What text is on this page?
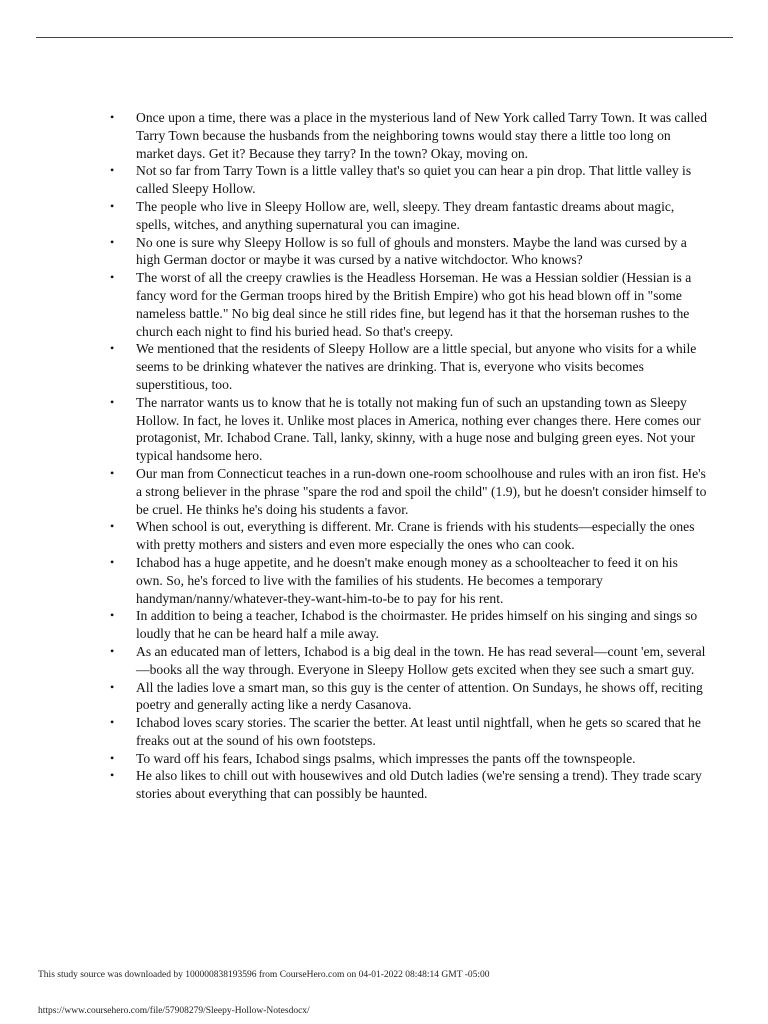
• Once upon a time, there was a place in the mysterious land of New York called Tarry Town. It was called Tarry Town because the husbands from the neighboring towns would stay there a little too long on market days. Get it? Because they tarry? In the town? Okay, moving on.
• Not so far from Tarry Town is a little valley that's so quiet you can hear a pin drop. That little valley is called Sleepy Hollow.
• The people who live in Sleepy Hollow are, well, sleepy. They dream fantastic dreams about magic, spells, witches, and anything supernatural you can imagine.
• No one is sure why Sleepy Hollow is so full of ghouls and monsters. Maybe the land was cursed by a high German doctor or maybe it was cursed by a native witchdoctor. Who knows?
• The worst of all the creepy crawlies is the Headless Horseman. He was a Hessian soldier (Hessian is a fancy word for the German troops hired by the British Empire) who got his head blown off in "some nameless battle." No big deal since he still rides fine, but legend has it that the horseman rushes to the church each night to find his buried head. So that's creepy.
• We mentioned that the residents of Sleepy Hollow are a little special, but anyone who visits for a while seems to be drinking whatever the natives are drinking. That is, everyone who visits becomes superstitious, too.
• The narrator wants us to know that he is totally not making fun of such an upstanding town as Sleepy Hollow. In fact, he loves it. Unlike most places in America, nothing ever changes there. Here comes our protagonist, Mr. Ichabod Crane. Tall, lanky, skinny, with a huge nose and bulging green eyes. Not your typical handsome hero.
• Our man from Connecticut teaches in a run-down one-room schoolhouse and rules with an iron fist. He's a strong believer in the phrase "spare the rod and spoil the child" (1.9), but he doesn't consider himself to be cruel. He thinks he's doing his students a favor.
• When school is out, everything is different. Mr. Crane is friends with his students—especially the ones with pretty mothers and sisters and even more especially the ones who can cook.
• Ichabod has a huge appetite, and he doesn't make enough money as a schoolteacher to feed it on his own. So, he's forced to live with the families of his students. He becomes a temporary handyman/nanny/whatever-they-want-him-to-be to pay for his rent.
• In addition to being a teacher, Ichabod is the choirmaster. He prides himself on his singing and sings so loudly that he can be heard half a mile away.
• As an educated man of letters, Ichabod is a big deal in the town. He has read several—count 'em, several—books all the way through. Everyone in Sleepy Hollow gets excited when they see such a smart guy.
• All the ladies love a smart man, so this guy is the center of attention. On Sundays, he shows off, reciting poetry and generally acting like a nerdy Casanova.
• Ichabod loves scary stories. The scarier the better. At least until nightfall, when he gets so scared that he freaks out at the sound of his own footsteps.
• To ward off his fears, Ichabod sings psalms, which impresses the pants off the townspeople.
• He also likes to chill out with housewives and old Dutch ladies (we're sensing a trend). They trade scary stories about everything that can possibly be haunted.
This study source was downloaded by 100000838193596 from CourseHero.com on 04-01-2022 08:48:14 GMT -05:00
https://www.coursehero.com/file/57908279/Sleepy-Hollow-Notesdocx/
